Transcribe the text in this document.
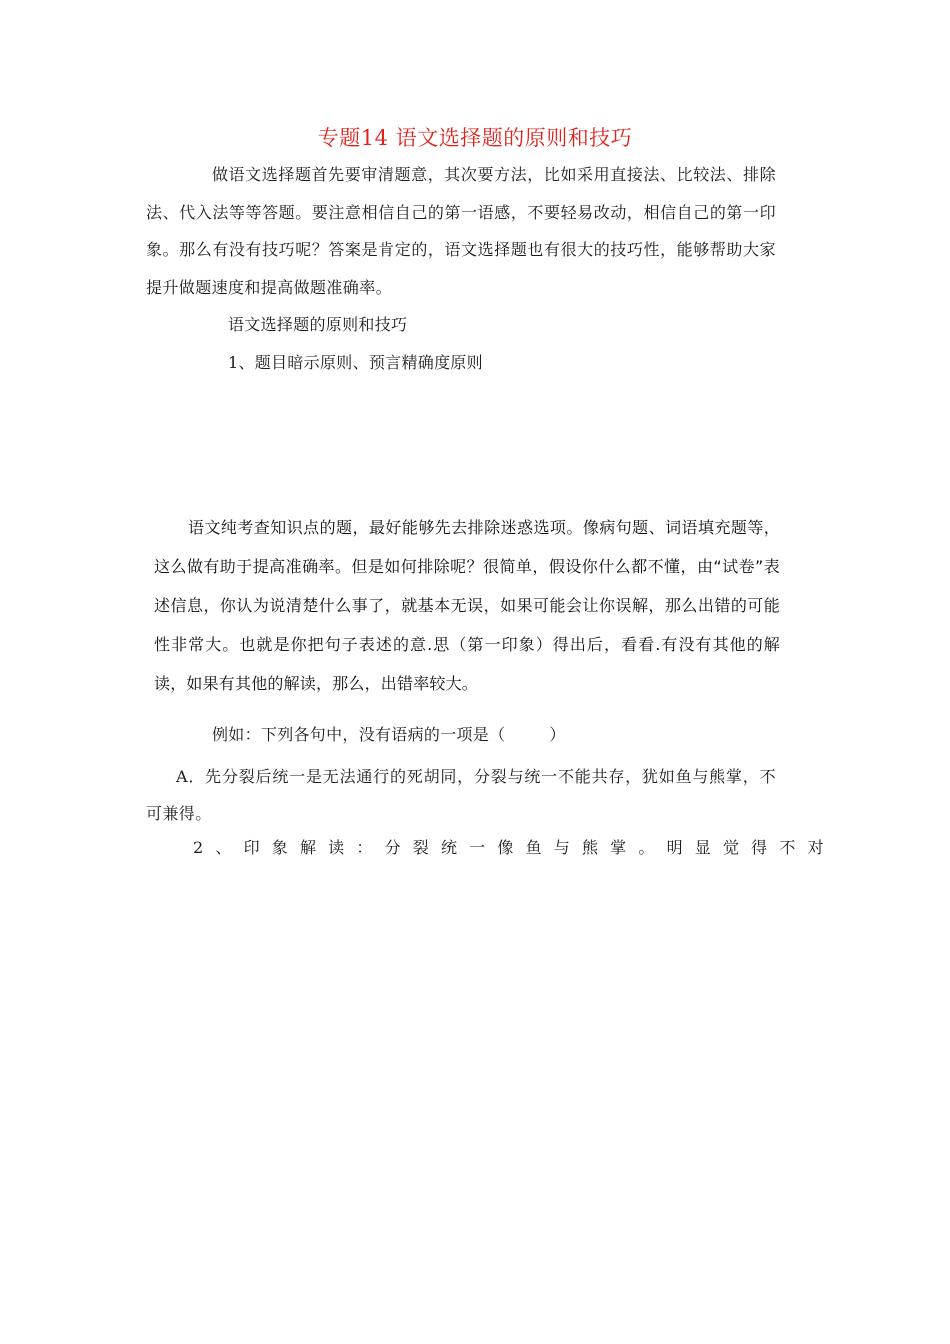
专题14 语文选择题的原则和技巧

做语文选择题首先要审清题意，其次要方法，比如采用直接法、比较法、排除法、代入法等等答题。要注意相信自己的第一语感，不要轻易改动，相信自己的第一印象。那么有没有技巧呢？答案是肯定的，语文选择题也有很大的技巧性，能够帮助大家提升做题速度和提高做题准确率。

语文选择题的原则和技巧
1、题目暗示原则、预言精确度原则

语文纯考查知识点的题，最好能够先去排除迷惑选项。像病句题、词语填充题等，这么做有助于提高准确率。但是如何排除呢？很简单，假设你什么都不懂，由“试卷”表述信息，你认为说清楚什么事了，就基本无误，如果可能会让你误解，那么出错的可能性非常大。也就是你把句子表述的意.思（第一印象）得出后，看看.有没有其他的解读，如果有其他的解读，那么，出错率较大。

例如：下列各句中，没有语病的一项是（	）

A．先分裂后统一是无法通行的死胡同，分裂与统一不能共存，犹如鱼与熊掌，不可兼得。

2、印象解读：分裂统一像鱼与熊掌。明显觉得不对
